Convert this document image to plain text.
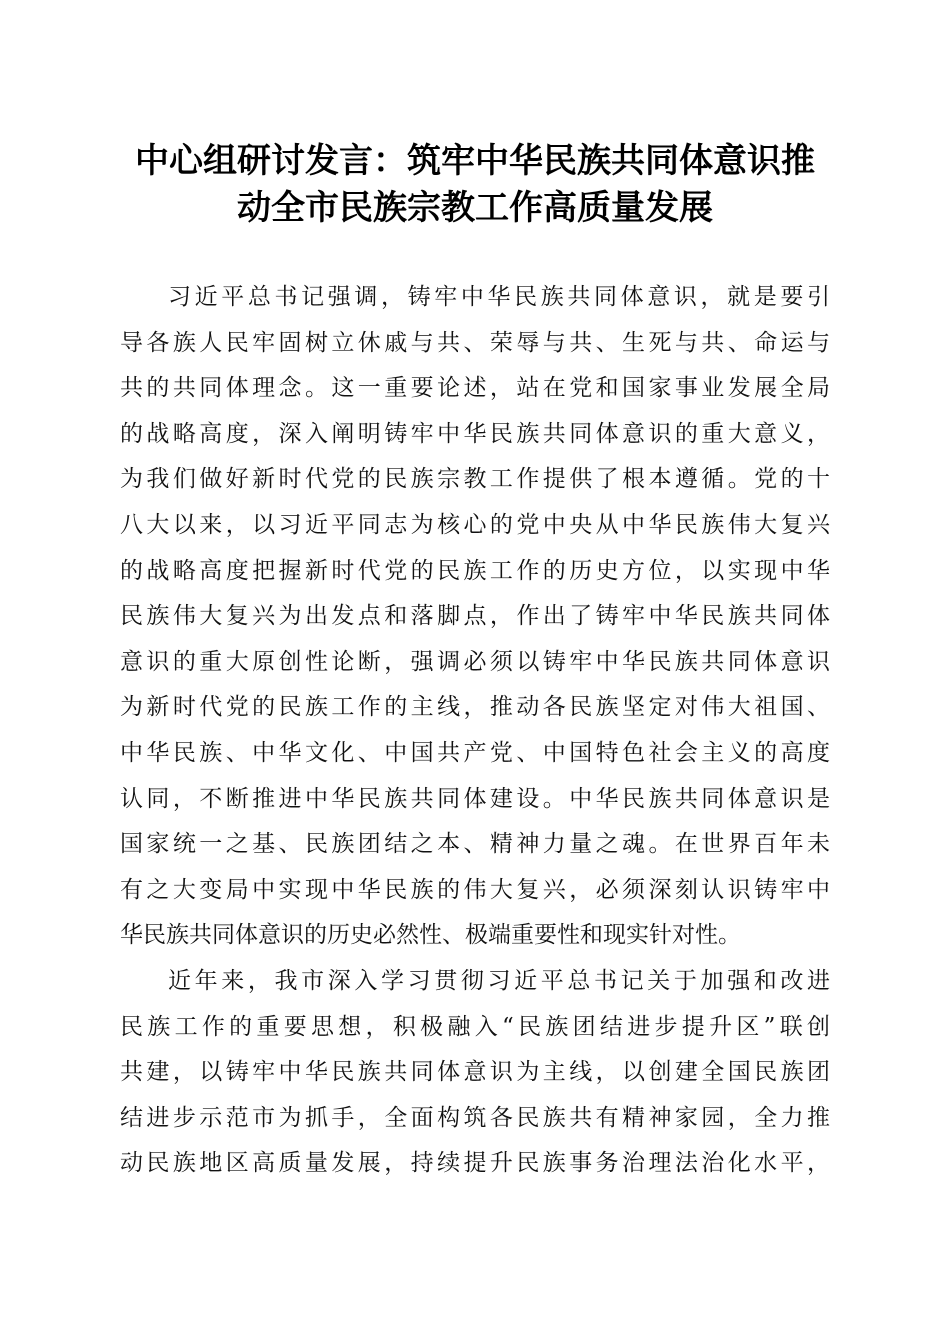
中心组研讨发言：筑牢中华民族共同体意识推
动全市民族宗教工作高质量发展
习近平总书记强调，铸牢中华民族共同体意识，就是要引
导各族人民牢固树立休戚与共、荣辱与共、生死与共、命运与
共的共同体理念。这一重要论述，站在党和国家事业发展全局
的战略高度，深入阐明铸牢中华民族共同体意识的重大意义，
为我们做好新时代党的民族宗教工作提供了根本遵循。党的十
八大以来，以习近平同志为核心的党中央从中华民族伟大复兴
的战略高度把握新时代党的民族工作的历史方位，以实现中华
民族伟大复兴为出发点和落脚点，作出了铸牢中华民族共同体
意识的重大原创性论断，强调必须以铸牢中华民族共同体意识
为新时代党的民族工作的主线，推动各民族坚定对伟大祖国、
中华民族、中华文化、中国共产党、中国特色社会主义的高度
认同，不断推进中华民族共同体建设。中华民族共同体意识是
国家统一之基、民族团结之本、精神力量之魂。在世界百年未
有之大变局中实现中华民族的伟大复兴，必须深刻认识铸牢中
华民族共同体意识的历史必然性、极端重要性和现实针对性。
近年来，我市深入学习贯彻习近平总书记关于加强和改进
民族工作的重要思想，积极融入“民族团结进步提升区”联创
共建，以铸牢中华民族共同体意识为主线，以创建全国民族团
结进步示范市为抓手，全面构筑各民族共有精神家园，全力推
动民族地区高质量发展，持续提升民族事务治理法治化水平，
